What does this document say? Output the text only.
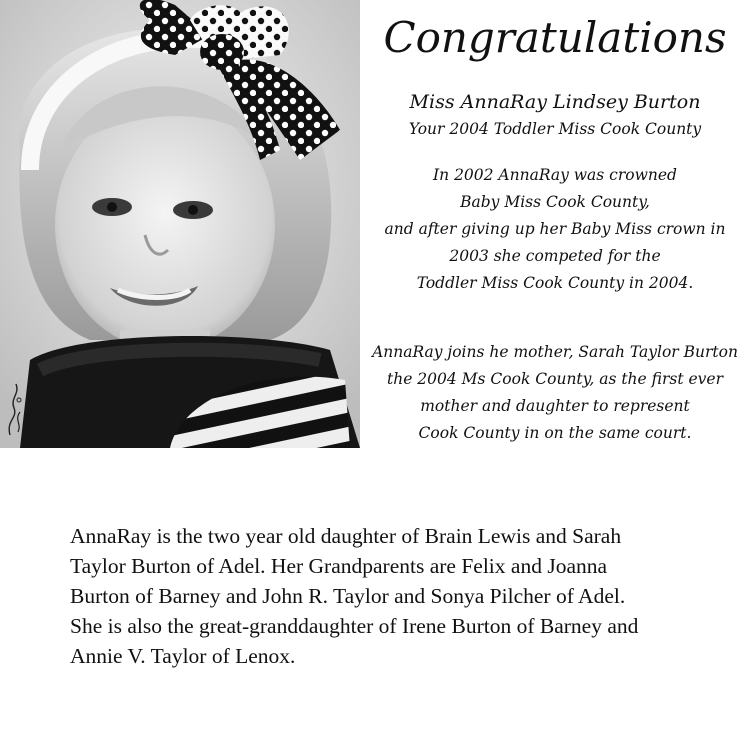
Congratulations
Miss AnnaRay Lindsey Burton
Your 2004 Toddler Miss Cook County
In 2002 AnnaRay was crowned
Baby Miss Cook County,
and after giving up her Baby Miss crown in
2003 she competed for the
Toddler Miss Cook County in 2004.
AnnaRay joins he mother, Sarah Taylor Burton
the 2004 Ms Cook County, as the first ever
mother and daughter to represent
Cook County in on the same court.
AnnaRay is the two year old daughter of Brain Lewis and Sarah
Taylor Burton of Adel. Her Grandparents are Felix and Joanna
Burton of Barney and John R. Taylor and Sonya Pilcher of Adel.
She is also the great-granddaughter of Irene Burton of Barney and
Annie V. Taylor of Lenox.
